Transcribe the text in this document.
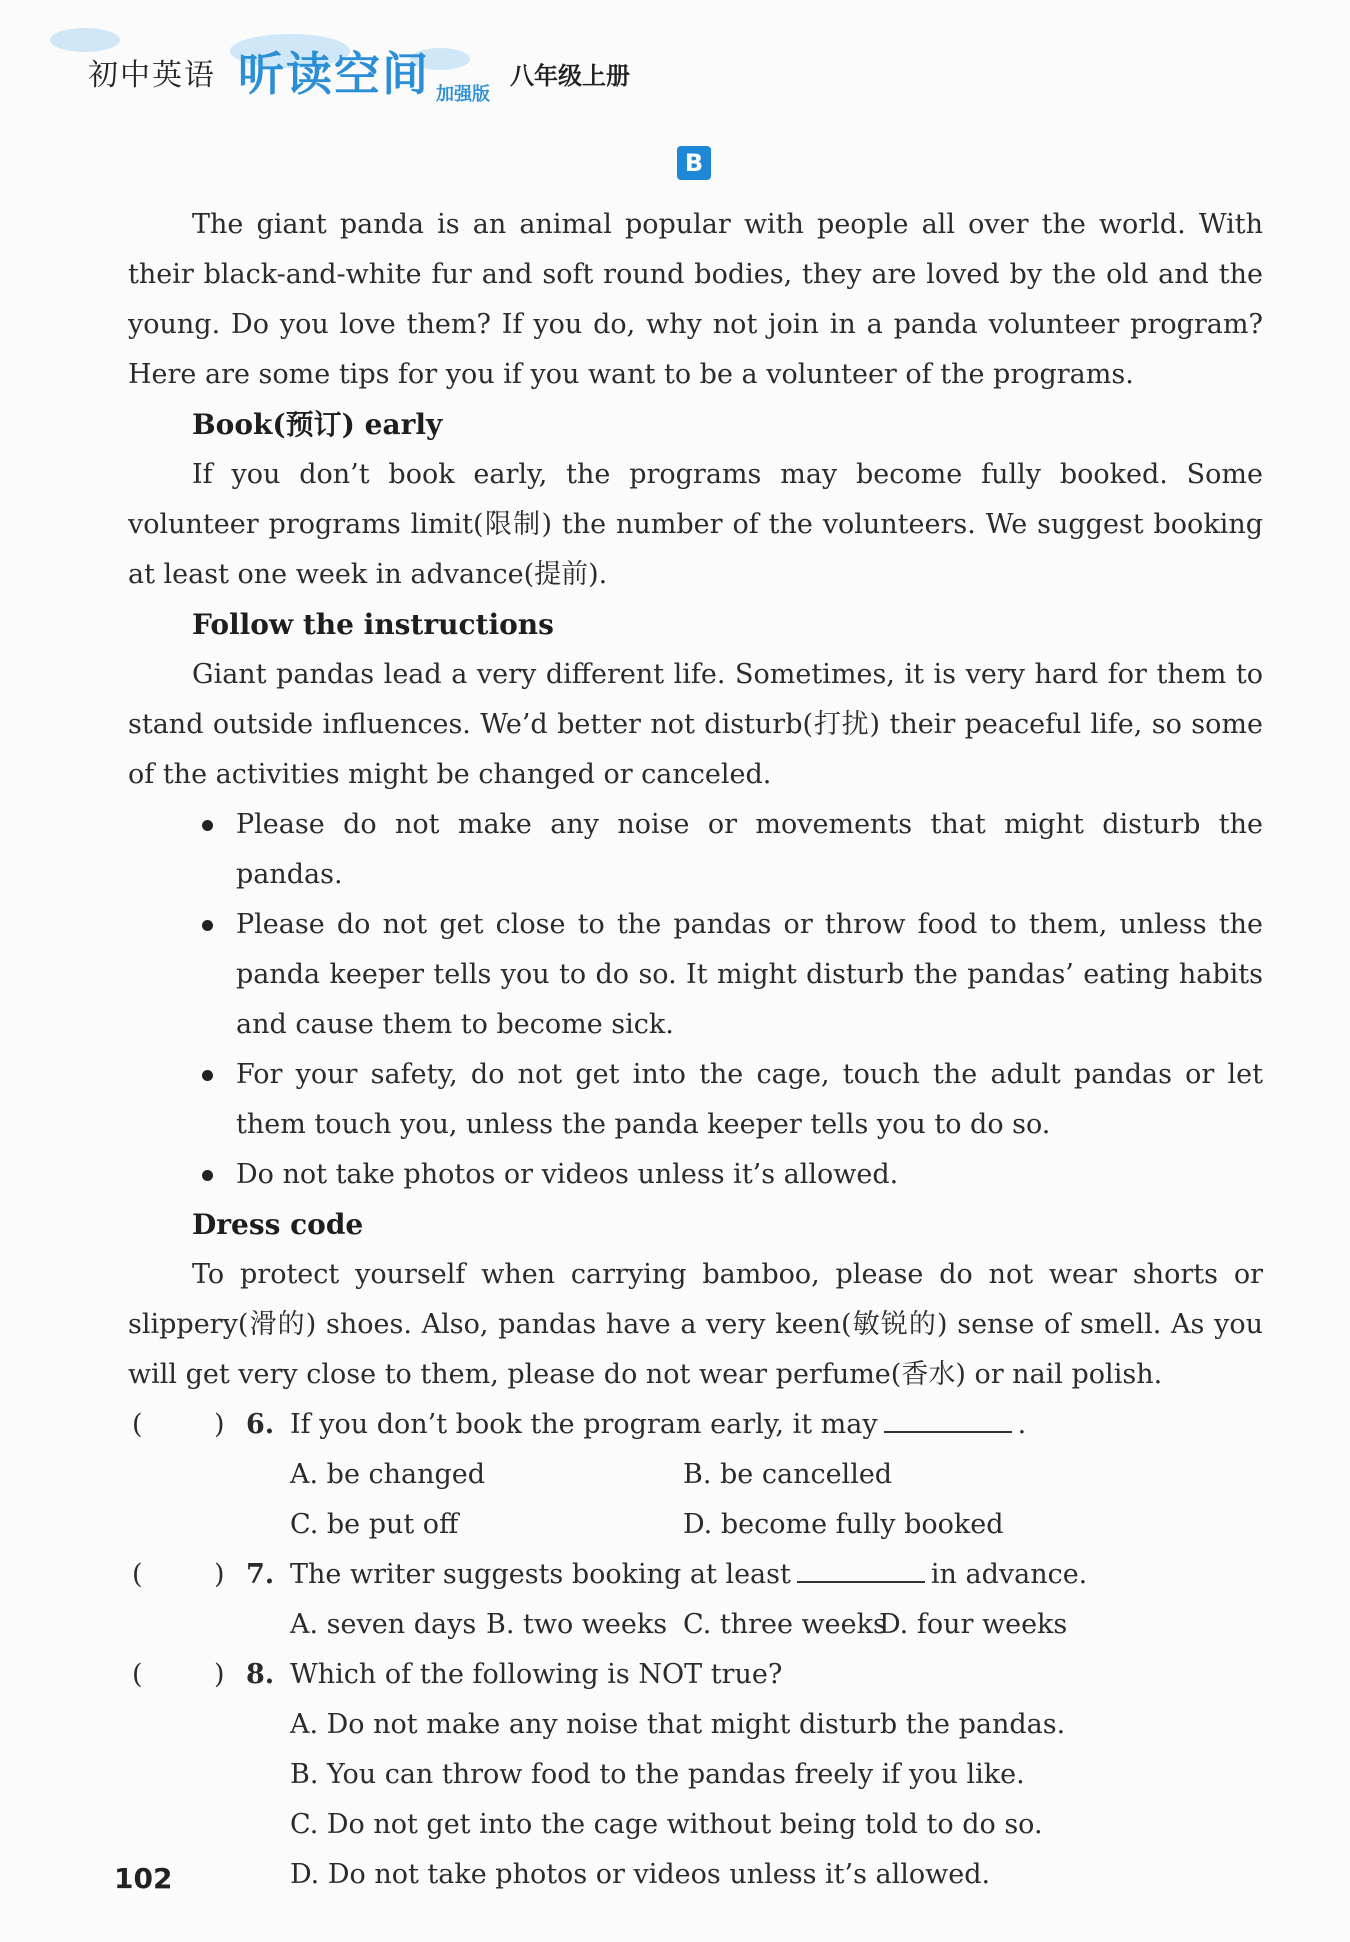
初中英语 听读空间 加强版
八年级上册
B

The giant panda is an animal popular with people all over the world. With their black-and-white fur and soft round bodies, they are loved by the old and the young. Do you love them? If you do, why not join in a panda volunteer program? Here are some tips for you if you want to be a volunteer of the programs.

Book(预订) early

If you don’t book early, the programs may become fully booked. Some volunteer programs limit(限制) the number of the volunteers. We suggest booking at least one week in advance(提前).

Follow the instructions

Giant pandas lead a very different life. Sometimes, it is very hard for them to stand outside influences. We’d better not disturb(打扰) their peaceful life, so some of the activities might be changed or canceled.

Please do not make any noise or movements that might disturb the pandas.
Please do not get close to the pandas or throw food to them, unless the panda keeper tells you to do so. It might disturb the pandas’ eating habits and cause them to become sick.
For your safety, do not get into the cage, touch the adult pandas or let them touch you, unless the panda keeper tells you to do so.
Do not take photos or videos unless it’s allowed.

Dress code

To protect yourself when carrying bamboo, please do not wear shorts or slippery(滑的) shoes. Also, pandas have a very keen(敏锐的) sense of smell. As you will get very close to them, please do not wear perfume(香水) or nail polish.

(	) 6. If you don’t book the program early, it may	.
A. be changed	B. be cancelled
C. be put off	D. become fully booked
(	) 7. The writer suggests booking at least	in advance.
A. seven days B. two weeks C. three weeks
D. four weeks
(	) 8. Which of the following is NOT true?
A. Do not make any noise that might disturb the pandas.
B. You can throw food to the pandas freely if you like.
C. Do not get into the cage without being told to do so.
D. Do not take photos or videos unless it’s allowed.
102
